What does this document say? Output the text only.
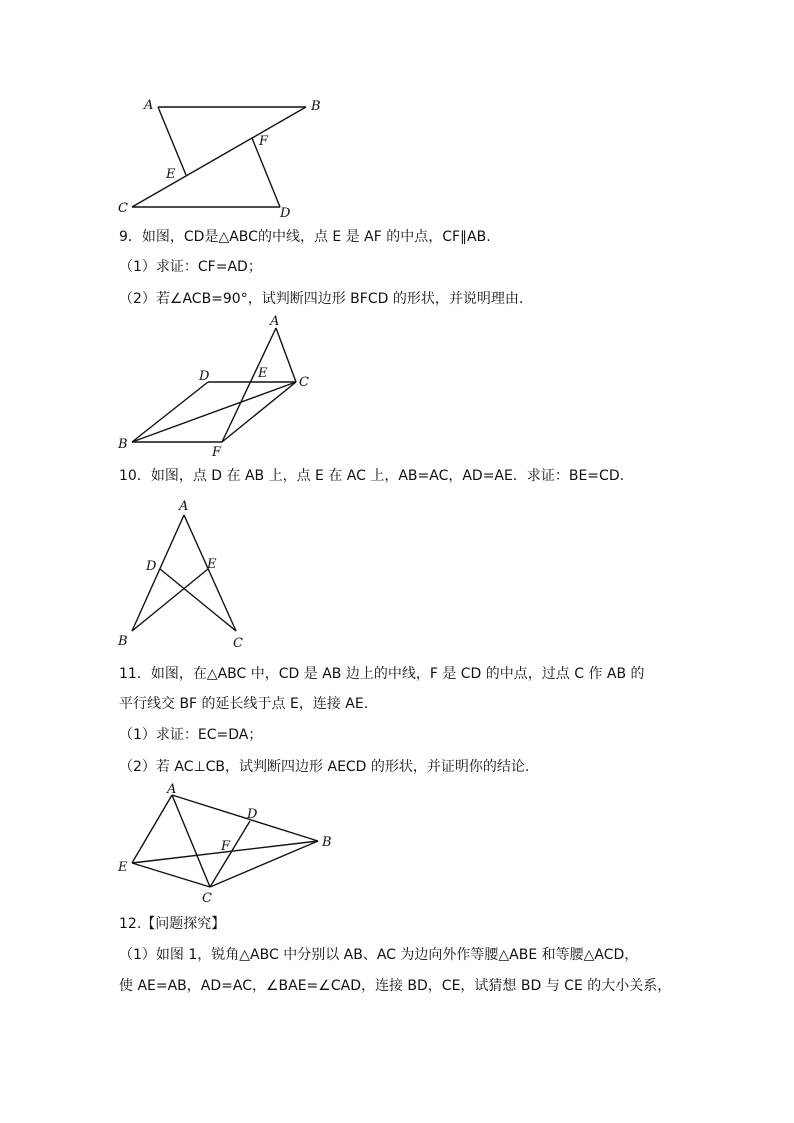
A	B
C	D
E
F
9．如图，CD是△ABC的中线，点 E 是 AF 的中点，CF∥AB.
（1）求证：CF=AD；
（2）若∠ACB=90°，试判断四边形 BFCD 的形状，并说明理由.
A
B
C
D	E
F
10．如图，点 D 在 AB 上，点 E 在 AC 上，AB=AC，AD=AE．求证：BE=CD.
A
B	C
D	E
11．如图，在△ABC 中，CD 是 AB 边上的中线，F 是 CD 的中点，过点 C 作 AB 的
平行线交 BF 的延长线于点 E，连接 AE.
（1）求证：EC=DA；
（2）若 AC⊥CB，试判断四边形 AECD 的形状，并证明你的结论.
A
B
C
D
E
F
12.【问题探究】
（1）如图 1，锐角△ABC 中分别以 AB、AC 为边向外作等腰△ABE 和等腰△ACD，
使 AE=AB，AD=AC，∠BAE=∠CAD，连接 BD，CE，试猜想 BD 与 CE 的大小关系，
